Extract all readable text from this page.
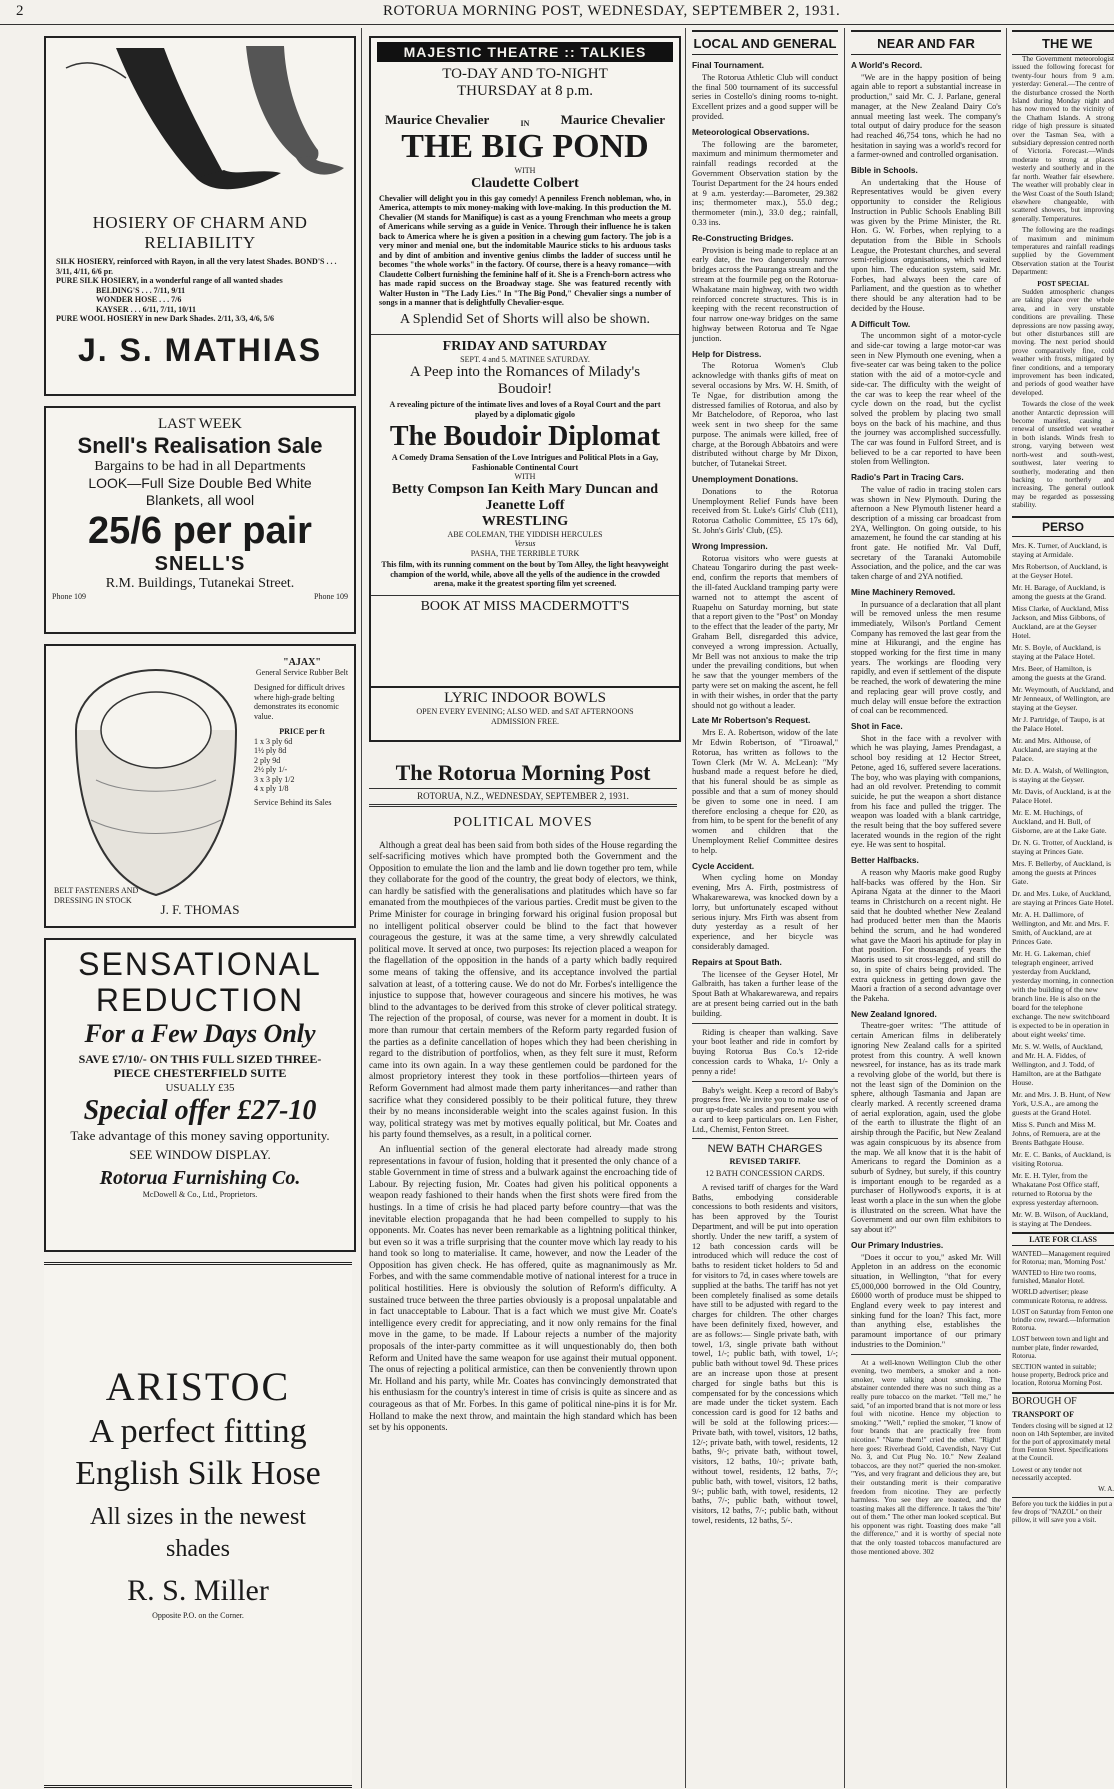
2	ROTORUA MORNING POST, WEDNESDAY, SEPTEMBER 2, 1931.
HOSIERY OF CHARM AND RELIABILITY
SILK HOSIERY, reinforced with Rayon, in all the very latest Shades. BOND'S . . . 3/11, 4/11, 6/6 pr.
PURE SILK HOSIERY, in a wonderful range of all wanted shades
BELDING'S . . . 7/11, 9/11
WONDER HOSE . . . 7/6
KAYSER . . . 6/11, 7/11, 10/11
PURE WOOL HOSIERY in new Dark Shades. 2/11, 3/3, 4/6, 5/6
J. S. MATHIAS
LAST WEEK
Snell's Realisation Sale
Bargains to be had in all Departments
LOOK—Full Size Double Bed White Blankets, all wool
25/6 per pair
SNELL'S
R.M. Buildings, Tutanekai Street.
Phone 109	Phone 109
"AJAX"
General Service Rubber Belt
Designed for difficult drives where high-grade belting demonstrates its economic value.
PRICE per ft
1 x 3 ply 6d
1½ ply 8d
2 ply 9d
2½ ply 1/-
3 x 3 ply 1/2
4 x ply 1/8
Service Behind its Sales
BELT FASTENERS AND DRESSING IN STOCK
J. F. THOMAS
SENSATIONAL
REDUCTION
For a Few Days Only
SAVE £7/10/- ON THIS FULL SIZED THREE-PIECE CHESTERFIELD SUITE
USUALLY £35
Special offer £27-10
Take advantage of this money saving opportunity.
SEE WINDOW DISPLAY.
Rotorua Furnishing Co.
McDowell & Co., Ltd., Proprietors.
ARISTOC
A perfect fitting
English Silk Hose
All sizes in the newest shades
R. S. Miller
Opposite P.O. on the Corner.
MAJESTIC THEATRE :: TALKIES
TO-DAY AND TO-NIGHT
THURSDAY at 8 p.m.
Maurice Chevalier	IN Maurice Chevalier
THE BIG POND
WITH
Claudette Colbert
Chevalier will delight you in this gay comedy! A penniless French nobleman, who, in America, attempts to mix money-making with love-making. In this production the M. Chevalier (M stands for Manifique) is cast as a young Frenchman who meets a group of Americans while serving as a guide in Venice. Through their influence he is taken back to America where he is given a position in a chewing gum factory. The job is a very minor and menial one, but the indomitable Maurice sticks to his arduous tasks and by dint of ambition and inventive genius climbs the ladder of success until he becomes "the whole works" in the factory. Of course, there is a heavy romance—with Claudette Colbert furnishing the feminine half of it. She is a French-born actress who has made rapid success on the Broadway stage. She was featured recently with Walter Huston in "The Lady Lies." In "The Big Pond," Chevalier sings a number of songs in a manner that is delightfully Chevalier-esque.
A Splendid Set of Shorts will also be shown.
FRIDAY AND SATURDAY
SEPT. 4 and 5. MATINEE SATURDAY.
A Peep into the Romances of Milady's Boudoir!
A revealing picture of the intimate lives and loves of a Royal Court and the part played by a diplomatic gigolo
The Boudoir Diplomat
A Comedy Drama Sensation of the Love Intrigues and Political Plots in a Gay, Fashionable Continental Court
WITH
Betty Compson Ian Keith Mary Duncan and Jeanette Loff
WRESTLING
ABE COLEMAN, THE YIDDISH HERCULES
Versus
PASHA, THE TERRIBLE TURK
This film, with its running comment on the bout by Tom Alley, the light heavyweight champion of the world, while, above all the yells of the audience in the crowded arena, make it the greatest sporting film yet screened.
BOOK AT MISS MACDERMOTT'S
LYRIC INDOOR BOWLS
OPEN EVERY EVENING; ALSO WED. and SAT AFTERNOONS
ADMISSION FREE.
The Rotorua Morning Post
ROTORUA, N.Z., WEDNESDAY, SEPTEMBER 2, 1931.
POLITICAL MOVES

Although a great deal has been said from both sides of the House regarding the self-sacrificing motives which have prompted both the Government and the Opposition to emulate the lion and the lamb and lie down together pro tem, while they collaborate for the good of the country, the great body of electors, we think, can hardly be satisfied with the generalisations and platitudes which have so far emanated from the mouthpieces of the various parties. Credit must be given to the Prime Minister for courage in bringing forward his original fusion proposal but no intelligent political observer could be blind to the fact that however courageous the gesture, it was at the same time, a very shrewdly calculated political move. It served at once, two purposes: Its rejection placed a weapon for the flagellation of the opposition in the hands of a party which badly required some means of taking the offensive, and its acceptance involved the partial salvation at least, of a tottering cause. We do not do Mr. Forbes's intelligence the injustice to suppose that, however courageous and sincere his motives, he was blind to the advantages to be derived from this stroke of clever political strategy. The rejection of the proposal, of course, was never for a moment in doubt. It is more than rumour that certain members of the Reform party regarded fusion of the parties as a definite cancellation of hopes which they had been cherishing in regard to the distribution of portfolios, when, as they felt sure it must, Reform came into its own again. In a way these gentlemen could be pardoned for the almost proprietory interest they took in these portfolios—thirteen years of Reform Government had almost made them party inheritances—and rather than sacrifice what they considered possibly to be their political future, they threw their by no means inconsiderable weight into the scales against fusion. In this way, political strategy was met by motives equally political, but Mr. Coates and his party found themselves, as a result, in a political corner.

An influential section of the general electorate had already made strong representations in favour of fusion, holding that it presented the only chance of a stable Government in time of stress and a bulwark against the encroaching tide of Labour. By rejecting fusion, Mr. Coates had given his political opponents a weapon ready fashioned to their hands when the first shots were fired from the hustings. In a time of crisis he had placed party before country—that was the inevitable election propaganda that he had been compelled to supply to his opponents. Mr. Coates has never been remarkable as a lightning political thinker, but even so it was a trifle surprising that the counter move which lay ready to his hand took so long to materialise. It came, however, and now the Leader of the Opposition has given check. He has offered, quite as magnanimously as Mr. Forbes, and with the same commendable motive of national interest for a truce in political hostilities. Here is obviously the solution of Reform's difficulty. A sustained truce between the three parties obviously is a proposal unpalatable and in fact unacceptable to Labour. That is a fact which we must give Mr. Coate's intelligence every credit for appreciating, and it now only remains for the final move in the game, to be made. If Labour rejects a number of the majority proposals of the inter-party committee as it will unquestionably do, then both Reform and United have the same weapon for use against their mutual opponent. The onus of rejecting a political armistice, can then be conveniently thrown upon Mr. Holland and his party, while Mr. Coates has convincingly demonstrated that his enthusiasm for the country's interest in time of crisis is quite as sincere and as courageous as that of Mr. Forbes. In this game of political nine-pins it is for Mr. Holland to make the next throw, and maintain the high standard which has been set by his opponents.

LOCAL AND GENERAL
Final Tournament.

The Rotorua Athletic Club will conduct the final 500 tournament of its successful series in Costello's dining rooms to-night. Excellent prizes and a good supper will be provided.

Meteorological Observations.

The following are the barometer, maximum and minimum thermometer and rainfall readings recorded at the Government Observation station by the Tourist Department for the 24 hours ended at 9 a.m. yesterday:—Barometer, 29.382 ins; thermometer max.), 55.0 deg.; thermometer (min.), 33.0 deg.; rainfall, 0.33 ins.

Re-Constructing Bridges.

Provision is being made to replace at an early date, the two dangerously narrow bridges across the Pauranga stream and the stream at the fourmile peg on the Rotorua-Whakatane main highway, with two width reinforced concrete structures. This is in keeping with the recent reconstruction of four narrow one-way bridges on the same highway between Rotorua and Te Ngae junction.

Help for Distress.

The Rotorua Women's Club acknowledge with thanks gifts of meat on several occasions by Mrs. W. H. Smith, of Te Ngae, for distribution among the distressed families of Rotorua, and also by Mr Batchelodore, of Reporoa, who last week sent in two sheep for the same purpose. The animals were killed, free of charge, at the Borough Abbatoirs and were distributed without charge by Mr Dixon, butcher, of Tutanekai Street.

Unemployment Donations.

Donations to the Rotorua Unemployment Relief Funds have been received from St. Luke's Girls' Club (£11), Rotorua Catholic Committee, £5 17s 6d), St. John's Girls' Club, (£5).

Wrong Impression.

Rotorua visitors who were guests at Chateau Tongariro during the past week-end, confirm the reports that members of the ill-fated Auckland tramping party were warned not to attempt the ascent of Ruapehu on Saturday morning, but state that a report given to the "Post" on Monday to the effect that the leader of the party, Mr Graham Bell, disregarded this advice, conveyed a wrong impression. Actually, Mr Bell was not anxious to make the trip under the prevailing conditions, but when he saw that the younger members of the party were set on making the ascent, he fell in with their wishes, in order that the party should not go without a leader.

Late Mr Robertson's Request.

Mrs E. A. Robertson, widow of the late Mr Edwin Robertson, of "Tiroawal," Rotorua, has written as follows to the Town Clerk (Mr W. A. McLean): "My husband made a request before he died, that his funeral should be as simple as possible and that a sum of money should be given to some one in need. I am therefore enclosing a cheque for £20, as from him, to be spent for the benefit of any women and children that the Unemployment Relief Committee desires to help.

Cycle Accident.

When cycling home on Monday evening, Mrs A. Firth, postmistress of Whakarewarewa, was knocked down by a lorry, but unfortunately escaped without serious injury. Mrs Firth was absent from duty yesterday as a result of her experience, and her bicycle was considerably damaged.

Repairs at Spout Bath.

The licensee of the Geyser Hotel, Mr Galbraith, has taken a further lease of the Spout Bath at Whakarewarewa, and repairs are at present being carried out in the bath building.

Riding is cheaper than walking. Save your boot leather and ride in comfort by buying Rotorua Bus Co.'s 12-ride concession cards to Whaka, 1/- Only a penny a ride!

Baby's weight. Keep a record of Baby's progress free. We invite you to make use of our up-to-date scales and present you with a card to keep particulars on. Len Fisher, Ltd., Chemist, Fenton Street.

NEW BATH CHARGES
REVISED TARIFF.
12 BATH CONCESSION CARDS.

A revised tariff of charges for the Ward Baths, embodying considerable concessions to both residents and visitors, has been approved by the Tourist Department, and will be put into operation shortly. Under the new tariff, a system of 12 bath concession cards will be introduced which will reduce the cost of baths to resident ticket holders to 5d and for visitors to 7d, in cases where towels are supplied at the baths. The tariff has not yet been completely finalised as some details have still to be adjusted with regard to the charges for children. The other charges have been definitely fixed, however, and are as follows:— Single private bath, with towel, 1/3, single private bath without towel, 1/-; public bath, with towel, 1/-; public bath without towel 9d. These prices are an increase upon those at present charged for single baths but this is compensated for by the concessions which are made under the ticket system. Each concession card is good for 12 baths and will be sold at the following prices:— Private bath, with towel, visitors, 12 baths, 12/-; private bath, with towel, residents, 12 baths, 9/-; private bath, without towel, visitors, 12 baths, 10/-; private bath, without towel, residents, 12 baths, 7/-; public bath, with towel, visitors, 12 baths, 9/-; public bath, with towel, residents, 12 baths, 7/-; public bath, without towel, visitors, 12 baths, 7/-; public bath, without towel, residents, 12 baths, 5/-.

NEAR AND FAR
A World's Record.

"We are in the happy position of being again able to report a substantial increase in production," said Mr. C. J. Parlane, general manager, at the New Zealand Dairy Co's annual meeting last week. The company's total output of dairy produce for the season had reached 46,754 tons, which he had no hesitation in saying was a world's record for a farmer-owned and controlled organisation.

Bible in Schools.

An undertaking that the House of Representatives would be given every opportunity to consider the Religious Instruction in Public Schools Enabling Bill was given by the Prime Minister, the Rt. Hon. G. W. Forbes, when replying to a deputation from the Bible in Schools League, the Protestant churches, and several semi-religious organisations, which waited upon him. The education system, said Mr. Forbes, had always been the care of Parliament, and the question as to whether there should be any alteration had to be decided by the House.

A Difficult Tow.

The uncommon sight of a motor-cycle and side-car towing a large motor-car was seen in New Plymouth one evening, when a five-seater car was being taken to the police station with the aid of a motor-cycle and side-car. The difficulty with the weight of the car was to keep the rear wheel of the cycle down on the road, but the cyclist solved the problem by placing two small boys on the back of his machine, and thus the journey was accomplished successfully. The car was found in Fulford Street, and is believed to be a car reported to have been stolen from Wellington.

Radio's Part in Tracing Cars.

The value of radio in tracing stolen cars was shown in New Plymouth. During the afternoon a New Plymouth listener heard a description of a missing car broadcast from 2YA, Wellington. On going outside, to his amazement, he found the car standing at his front gate. He notified Mr. Val Duff, secretary of the Taranaki Automobile Association, and the police, and the car was taken charge of and 2YA notified.

Mine Machinery Removed.

In pursuance of a declaration that all plant will be removed unless the men resume immediately, Wilson's Portland Cement Company has removed the last gear from the mine at Hikurangi, and the engine has stopped working for the first time in many years. The workings are flooding very rapidly, and even if settlement of the dispute be reached, the work of dewatering the mine and replacing gear will prove costly, and much delay will ensue before the extraction of coal can be recommenced.

Shot in Face.

Shot in the face with a revolver with which he was playing, James Prendagast, a school boy residing at 12 Hector Street, Petone, aged 16, suffered severe lacerations. The boy, who was playing with companions, had an old revolver. Pretending to commit suicide, he put the weapon a short distance from his face and pulled the trigger. The weapon was loaded with a blank cartridge, the result being that the boy suffered severe lacerated wounds in the region of the right eye. He was sent to hospital.

Better Halfbacks.

A reason why Maoris make good Rugby half-backs was offered by the Hon. Sir Apirana Ngata at the dinner to the Maori teams in Christchurch on a recent night. He said that he doubted whether New Zealand had produced better men than the Maoris behind the scrum, and he had wondered what gave the Maori his aptitude for play in that position. For thousands of years the Maoris used to sit cross-legged, and still do so, in spite of chairs being provided. The extra quickness in getting down gave the Maori a fraction of a second advantage over the Pakeha.

New Zealand Ignored.

Theatre-goer writes: "The attitude of certain American films in deliberately ignoring New Zealand calls for a spirited protest from this country. A well known newsreel, for instance, has as its trade mark a revolving globe of the world, but there is not the least sign of the Dominion on the sphere, although Tasmania and Japan are clearly marked. A recently screened drama of aerial exploration, again, used the globe of the earth to illustrate the flight of an airship through the Pacific, but New Zealand was again conspicuous by its absence from the map. We all know that it is the habit of Americans to regard the Dominion as a suburb of Sydney, but surely, if this country is important enough to be regarded as a purchaser of Hollywood's exports, it is at least worth a place in the sun when the globe is illustrated on the screen. What have the Government and our own film exhibitors to say about it?"

Our Primary Industries.

"Does it occur to you," asked Mr. Will Appleton in an address on the economic situation, in Wellington, "that for every £5,000,000 borrowed in the Old Country, £6000 worth of produce must be shipped to England every week to pay interest and sinking fund for the loan? This fact, more than anything else, establishes the paramount importance of our primary industries to the Dominion."

At a well-known Wellington Club the other evening, two members, a smoker and a non-smoker, were talking about smoking. The abstainer contended there was no such thing as a really pure tobacco on the market. "Tell me," he said, "of an imported brand that is not more or less foul with nicotine. Hence my objection to smoking." "Well," replied the smoker, "I know of four brands that are practically free from nicotine." "Name them!" cried the other. "Right! here goes: Riverhead Gold, Cavendish, Navy Cut No. 3, and Cut Plug No. 10." New Zealand tobaccos, are they not?" queried the non-smoker. "Yes, and very fragrant and delicious they are, but their outstanding merit is their comparative freedom from nicotine. They are perfectly harmless. You see they are toasted, and the toasting makes all the difference. It takes the 'bite' out of them." The other man looked sceptical. But his opponent was right. Toasting does make "all the difference," and it is worthy of special note that the only toasted tobaccos manufactured are those mentioned above. 302

THE WE

The Government meteorologist issued the following forecast for twenty-four hours from 9 a.m. yesterday: General.—The centre of the disturbance crossed the North Island during Monday night and has now moved to the vicinity of the Chatham Islands. A strong ridge of high pressure is situated over the Tasman Sea, with a subsidiary depression centred north of Victoria. Forecast.—Winds moderate to strong at places westerly and southerly and in the far north. Weather fair elsewhere. The weather will probably clear in the West Coast of the South Island; elsewhere changeable, with scattered showers, but improving generally. Temperatures.

The following are the readings of maximum and minimum temperatures and rainfall readings supplied by the Government Observation station at the Tourist Department:

POST SPECIAL

Sudden atmospheric changes are taking place over the whole area, and in very unstable conditions are prevailing. These depressions are now passing away, but other disturbances still are moving. The next period should prove comparatively fine, cold weather with frosts, mitigated by finer conditions, and a temporary improvement has been indicated, and periods of good weather have developed.

Towards the close of the week another Antarctic depression will become manifest, causing a renewal of unsettled wet weather in both islands. Winds fresh to strong, varying between west north-west and south-west, southwest, later veering to southerly, moderating and then backing to northerly and increasing. The general outlook may be regarded as possessing stability.

PERSO
Mrs. K. Turner, of Auckland, is staying at Armidale.
Mrs Robertson, of Auckland, is at the Geyser Hotel.
Mr. H. Barage, of Auckland, is among the guests at the Grand.
Miss Clarke, of Auckland, Miss Jackson, and Miss Gibbons, of Auckland, are at the Geyser Hotel.
Mr. S. Boyle, of Auckland, is staying at the Palace Hotel.
Mrs. Beer, of Hamilton, is among the guests at the Grand.
Mr. Weymouth, of Auckland, and Mr Jenneaux, of Wellington, are staying at the Geyser.
Mr J. Partridge, of Taupo, is at the Palace Hotel.
Mr. and Mrs. Althouse, of Auckland, are staying at the Palace.
Mr. D. A. Walsh, of Wellington, is staying at the Geyser.
Mr. Davis, of Auckland, is at the Palace Hotel.
Mr. E. M. Huchings, of Auckland, and H. Bull, of Gisborne, are at the Lake Gate.
Dr. N. G. Trotter, of Auckland, is staying at Princes Gate.
Mrs. F. Bellerby, of Auckland, is among the guests at Princes Gate.
Dr. and Mrs. Luke, of Auckland, are staying at Princes Gate Hotel.
Mr. A. H. Dallimore, of Wellington, and Mr. and Mrs. F. Smith, of Auckland, are at Princes Gate.
Mr. H. G. Lakeman, chief telegraph engineer, arrived yesterday from Auckland, yesterday morning, in connection with the building of the new branch line. He is also on the board for the telephone exchange. The new switchboard is expected to be in operation in about eight weeks' time.
Mr. S. W. Wells, of Auckland, and Mr. H. A. Fiddes, of Wellington, and J. Todd, of Hamilton, are at the Bathgate House.
Mr. and Mrs. J. B. Hunt, of New York, U.S.A., are among the guests at the Grand Hotel.
Miss S. Punch and Miss M. Johns, of Remuera, are at the Brents Bathgate House.
Mr. E. C. Banks, of Auckland, is visiting Rotorua.
Mr. E. H. Tyler, from the Whakatane Post Office staff, returned to Rotorua by the express yesterday afternoon.
Mr. W. B. Wilson, of Auckland, is staying at The Dendees.
LATE FOR CLASS
WANTED—Management required for Rotorua; man, 'Morning Post.'
WANTED to Hire two rooms, furnished, Manalor Hotel.
WORLD advertiser; please communicate Rotorua, re address.
LOST on Saturday from Fenton one brindle cow, reward.—Information Rotorua.
LOST between town and light and number plate, finder rewarded, Rotorua.
SECTION wanted in suitable; house property, Bedrock price and location, Rotorua Morning Post.
BOROUGH OF
TRANSPORT OF
Tenders closing will be signed at 12 noon on 14th September, are invited for the port of approximately metal from Fenton Street. Specifications at the Council.
Lowest or any tender not necessarily accepted.
W. A.
Before you tuck the kiddies in put a few drops of "NAZOL" on their pillow, it will save you a visit.
